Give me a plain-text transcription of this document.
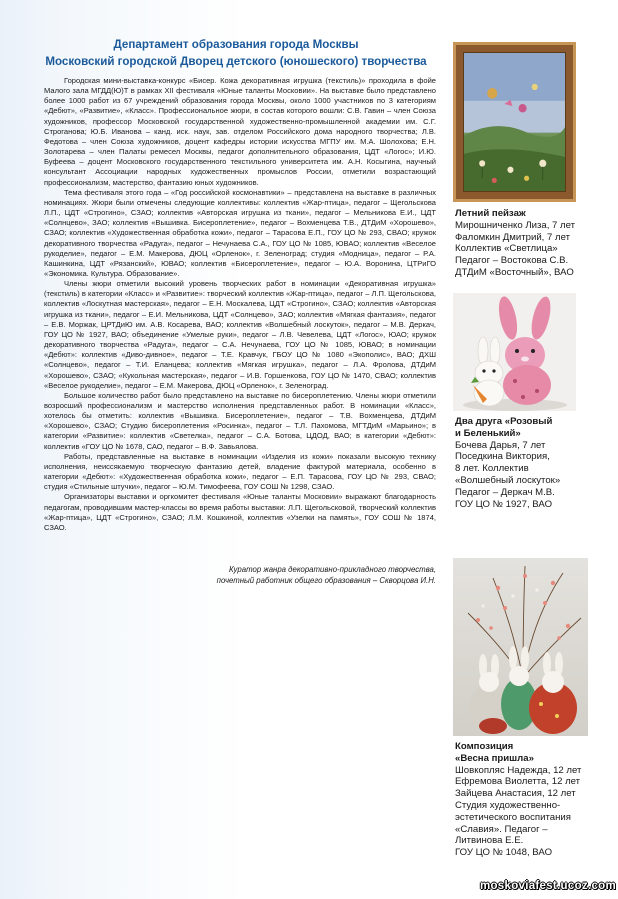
Департамент образования города Москвы
Московский городской Дворец детского (юношеского) творчества

Городская мини-выставка-конкурс «Бисер. Кожа декоративная игрушка (текстиль)» проходила в фойе Малого зала МГДД(Ю)Т в рамках XII фестиваля «Юные таланты Московии». На выставке было представлено более 1000 работ из 67 учреждений образования города Москвы, около 1000 участников по 3 категориям «Дебют», «Развитие», «Класс». Профессиональное жюри, в состав которого вошли: С.В. Гавин – член Союза художников, профессор Московской государственной художественно-промышленной академии им. С.Г. Строганова; Ю.Б. Иванова – канд. иск. наук, зав. отделом Российского дома народного творчества; Л.В. Федотова – член Союза художников, доцент кафедры истории искусства МГПУ им. М.А. Шолохова; Е.Н. Золотарева – член Палаты ремесел Москвы, педагог дополнительного образования, ЦДТ «Логос»; И.Ю. Буфеева – доцент Московского государственного текстильного университета им. А.Н. Косыгина, научный консультант Ассоциации народных художественных промыслов России, отметили возрастающий профессионализм, мастерство, фантазию юных художников.

Тема фестиваля этого года – «Год российской космонавтики» – представлена на выставке в различных номинациях. Жюри были отмечены следующие коллективы: коллектив «Жар-птица», педагог – Щегольскова Л.П., ЦДТ «Строгино», СЗАО; коллектив «Авторская игрушка из ткани», педагог – Мельникова Е.И., ЦДТ «Солнцево», ЗАО; коллектив «Вышивка. Бисероплетение», педагог – Вохменцева Т.В., ДТДиМ «Хорошево», СЗАО; коллектив «Художественная обработка кожи», педагог – Тарасова Е.П., ГОУ ЦО № 293, СВАО; кружок декоративного творчества «Радуга», педагог – Нечунаева С.А., ГОУ ЦО № 1085, ЮВАО; коллектив «Веселое рукоделие», педагог – Е.М. Макерова, ДЮЦ «Орленок», г. Зеленоград; студия «Модница», педагог – Р.А. Кашинкина, ЦДТ «Рязанский», ЮВАО; коллектив «Бисероплетение», педагог – Ю.А. Воронина, ЦТРиГО «Экономика. Культура. Образование».

Члены жюри отметили высокий уровень творческих работ в номинации «Декоративная игрушка» (текстиль) в категории «Класс» и «Развитие»: творческий коллектив «Жар-птица», педагог – Л.П. Щегольскова, коллектив «Лоскутная мастерская», педагог – Е.Н. Москалева, ЦДТ «Строгино», СЗАО; коллектив «Авторская игрушка из ткани», педагог – Е.И. Мельникова, ЦДТ «Солнцево», ЗАО; коллектив «Мягкая фантазия», педагог – Е.В. Моржак, ЦРТДиЮ им. А.В. Косарева, ВАО; коллектив «Волшебный лоскуток», педагог – М.В. Деркач, ГОУ ЦО № 1927, ВАО; объединение «Умелые руки», педагог – Л.В. Чевелева, ЦДТ «Логос», ЮАО; кружок декоративного творчества «Радуга», педагог – С.А. Нечунаева, ГОУ ЦО № 1085, ЮВАО; в номинации «Дебют»: коллектив «Диво-дивное», педагог – Т.Е. Кравчук, ГБОУ ЦО № 1080 «Экополис», ВАО; ДХШ «Солнцево», педагог – Т.И. Еланцева; коллектив «Мягкая игрушка», педагог – Л.А. Фролова, ДТДиМ «Хорошево», СЗАО; «Кукольная мастерская», педагог – И.В. Горшенкова, ГОУ ЦО № 1470, СВАО; коллектив «Веселое рукоделие», педагог – Е.М. Макерова, ДЮЦ «Орленок», г. Зеленоград.

Большое количество работ было представлено на выставке по бисероплетению. Члены жюри отметили возросший профессионализм и мастерство исполнения представленных работ. В номинации «Класс», хотелось бы отметить: коллектив «Вышивка. Бисероплетение», педагог – Т.В. Вохменцева, ДТДиМ «Хорошево», СЗАО; Студию бисероплетения «Росинка», педагог – Т.Л. Пахомова, МГТДиМ «Марьино»; в категории «Развитие»: коллектив «Светелка», педагог – С.А. Ботова, ЦДОД, ВАО; в категории «Дебют»: коллектив «ГОУ ЦО № 1678, САО, педагог – В.Ф. Завьялова.

Работы, представленные на выставке в номинации «Изделия из кожи» показали высокую технику исполнения, неиссякаемую творческую фантазию детей, владение фактурой материала, особенно в категории «Дебют»: «Художественная обработка кожи», педагог – Е.П. Тарасова, ГОУ ЦО № 293, СВАО; студия «Стильные штучки», педагог – Ю.М. Тимофеева, ГОУ СОШ № 1298, СЗАО.

Организаторы выставки и оргкомитет фестиваля «Юные таланты Московии» выражают благодарность педагогам, проводившим мастер-классы во время работы выставки: Л.П. Щегольсковой, творческий коллектив «Жар-птица», ЦДТ «Строгино», СЗАО; Л.М. Кошкиной, коллектив «Узелки на память», ГОУ СОШ № 1874, СЗАО.

Куратор жанра декоративно-прикладного творчества,
почетный работник общего образования – Скворцова И.Н.
Летний пейзаж
Мирошниченко Лиза, 7 лет
Фаломкин Дмитрий, 7 лет
Коллектив «Светлица»
Педагог – Востокова С.В.
ДТДиМ «Восточный», ВАО
Два друга «Розовый
и Беленький»
Бочева Дарья, 7 лет
Поседкина Виктория,
8 лет. Коллектив
«Волшебный лоскуток»
Педагог – Деркач М.В.
ГОУ ЦО № 1927, ВАО
Композиция
«Весна пришла»
Шовкопляс Надежда, 12 лет
Ефремова Виолетта, 12 лет
Зайцева Анастасия, 12 лет
Студия художественно-
эстетического воспитания
«Славия». Педагог –
Литвинова Е.Е.
ГОУ ЦО № 1048, ВАО
moskoviafest.ucoz.com
